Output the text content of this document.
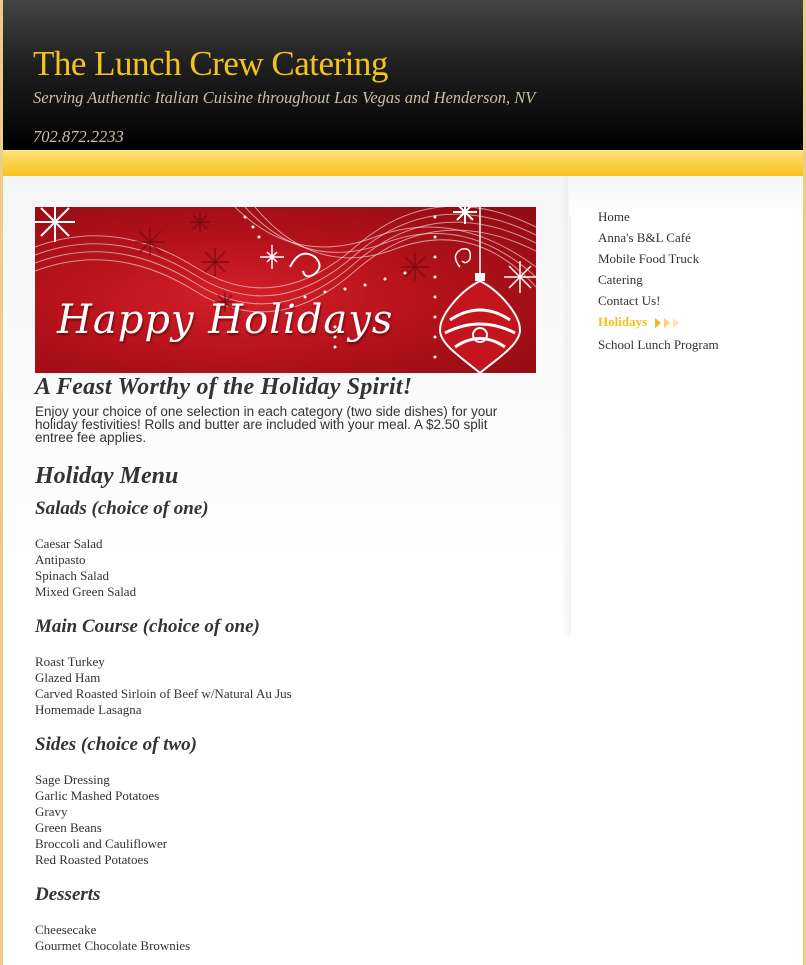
The Lunch Crew Catering
Serving Authentic Italian Cuisine throughout Las Vegas and Henderson, NV
702.872.2233
Happy Holidays
A Feast Worthy of the Holiday Spirit!

Enjoy your choice of one selection in each category (two side dishes) for your holiday festivities! Rolls and butter are included with your meal. A $2.50 split entree fee applies.

Holiday Menu
Salads (choice of one)
Caesar Salad
Antipasto
Spinach Salad
Mixed Green Salad
Main Course (choice of one)
Roast Turkey
Glazed Ham
Carved Roasted Sirloin of Beef w/Natural Au Jus
Homemade Lasagna
Sides (choice of two)
Sage Dressing
Garlic Mashed Potatoes
Gravy
Green Beans
Broccoli and Cauliflower
Red Roasted Potatoes
Desserts
Cheesecake
Gourmet Chocolate Brownies
Home
Anna's B&L Café
Mobile Food Truck
Catering
Contact Us!
Holidays
School Lunch Program
